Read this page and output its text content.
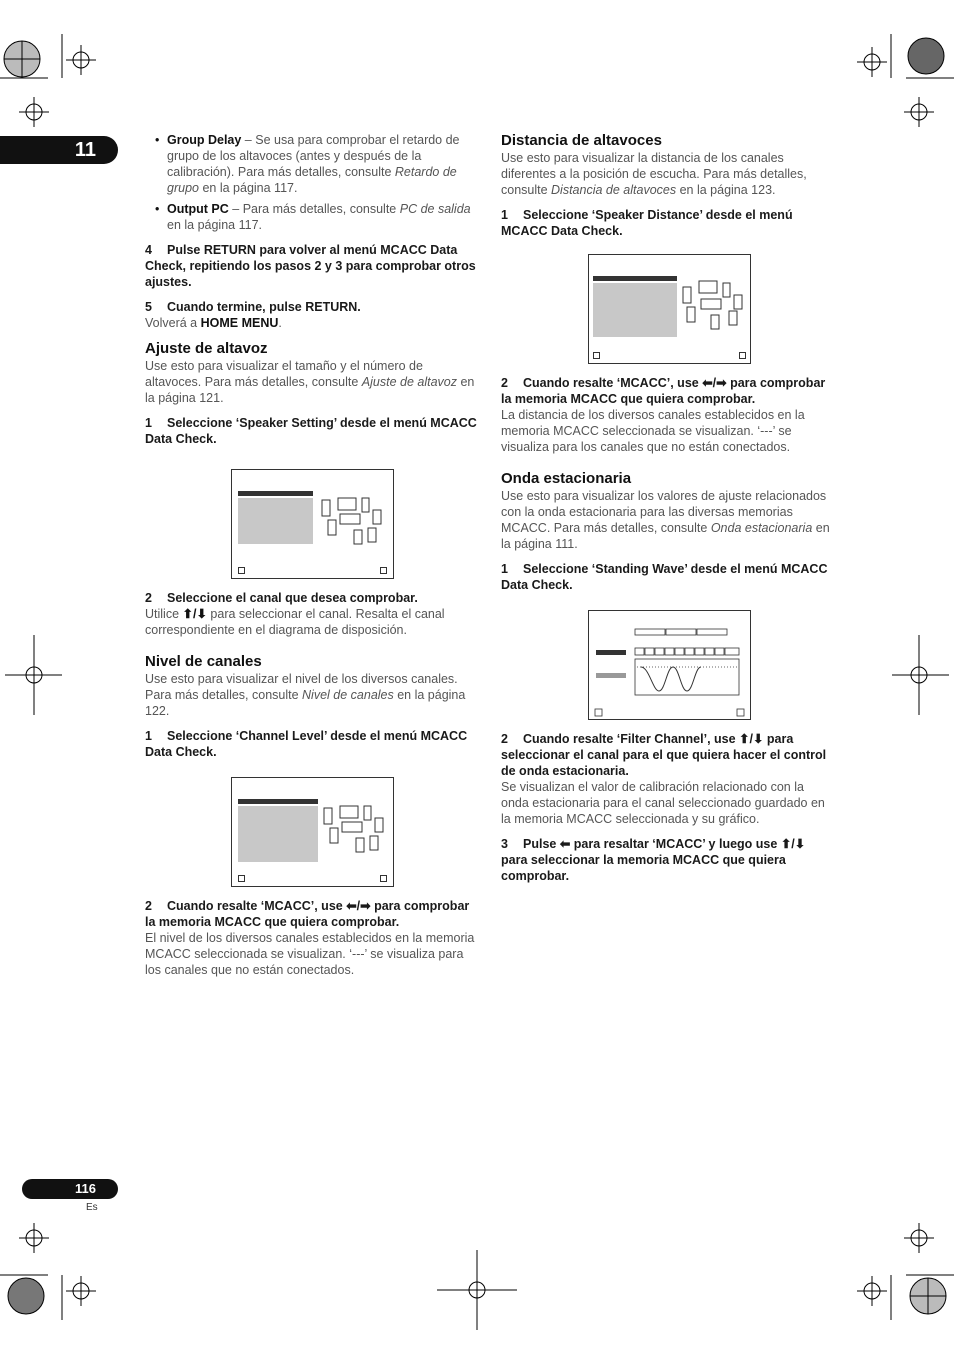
11	• Group Delay – Se usa para comprobar el retardo de grupo de los altavoces (antes y después de la calibración). Para más detalles, consulte Retardo de grupo en la página 117.
• Output PC – Para más detalles, consulte PC de salida en la página 117.

4 Pulse RETURN para volver al menú MCACC Data Check, repitiendo los pasos 2 y 3 para comprobar otros ajustes.

5 Cuando termine, pulse RETURN.

Volverá a HOME MENU.

Ajuste de altavoz

Use esto para visualizar el tamaño y el número de altavoces. Para más detalles, consulte Ajuste de altavoz en la página 121.

1 Seleccione ‘Speaker Setting’ desde el menú MCACC Data Check.

2 Seleccione el canal que desea comprobar.

Utilice ⬆/⬇ para seleccionar el canal. Resalta el canal correspondiente en el diagrama de disposición.

Nivel de canales

Use esto para visualizar el nivel de los diversos canales. Para más detalles, consulte Nivel de canales en la página 122.

1 Seleccione ‘Channel Level’ desde el menú MCACC Data Check.

2 Cuando resalte ‘MCACC’, use ⬅/➡ para comprobar la memoria MCACC que quiera comprobar.

El nivel de los diversos canales establecidos en la memoria MCACC seleccionada se visualizan. ‘---’ se visualiza para los canales que no están conectados.

Distancia de altavoces

Use esto para visualizar la distancia de los canales diferentes a la posición de escucha. Para más detalles, consulte Distancia de altavoces en la página 123.

1 Seleccione ‘Speaker Distance’ desde el menú MCACC Data Check.

2 Cuando resalte ‘MCACC’, use ⬅/➡ para comprobar la memoria MCACC que quiera comprobar.

La distancia de los diversos canales establecidos en la memoria MCACC seleccionada se visualizan. ‘---’ se visualiza para los canales que no están conectados.

Onda estacionaria

Use esto para visualizar los valores de ajuste relacionados con la onda estacionaria para las diversas memorias MCACC. Para más detalles, consulte Onda estacionaria en la página 111.

1 Seleccione ‘Standing Wave’ desde el menú MCACC Data Check.

2 Cuando resalte ‘Filter Channel’, use ⬆/⬇ para seleccionar el canal para el que quiera hacer el control de onda estacionaria.

Se visualizan el valor de calibración relacionado con la onda estacionaria para el canal seleccionado guardado en la memoria MCACC seleccionada y su gráfico.

3 Pulse ⬅ para resaltar ‘MCACC’ y luego use ⬆/⬇ para seleccionar la memoria MCACC que quiera comprobar.

116
Es
